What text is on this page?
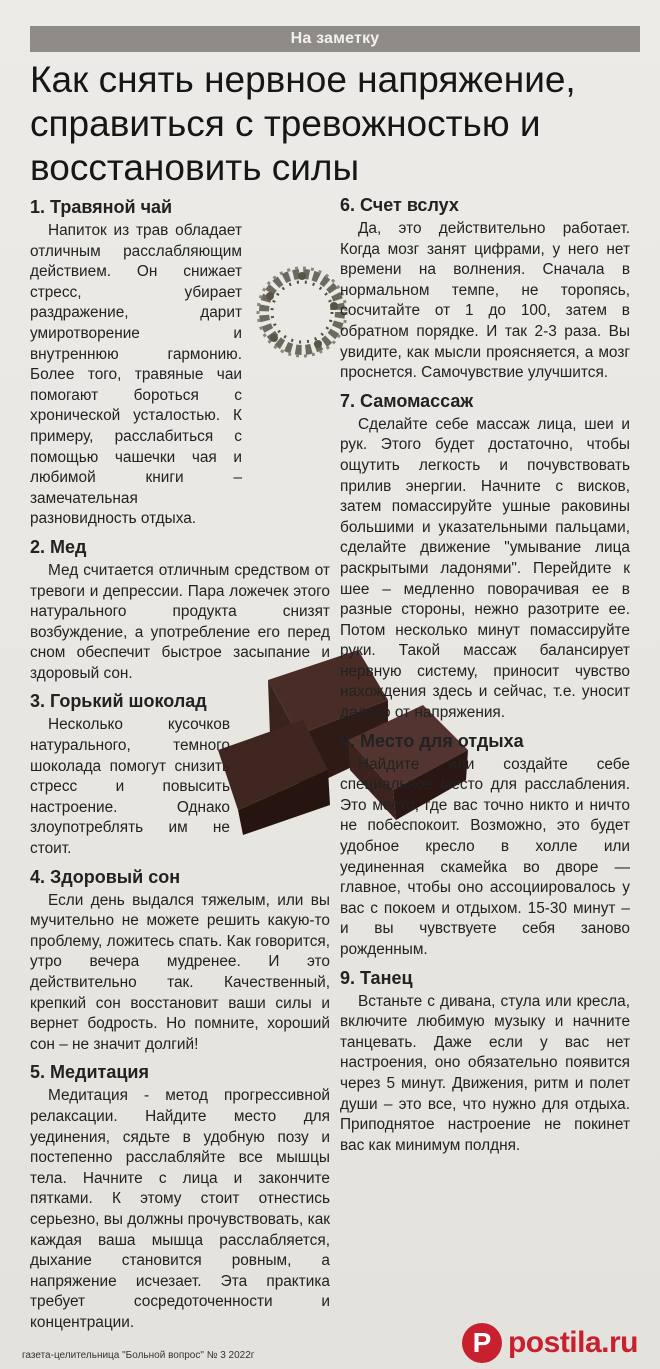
На заметку
Как снять нервное напряжение, справиться с тревожностью и восстановить силы
1. Травяной чай

Напиток из трав обладает отличным расслабляющим действием. Он снижает стресс, убирает раздражение, дарит умиротворение и внутреннюю гармонию. Более того, травяные чаи помогают бороться с хронической усталостью. К примеру, расслабиться с помощью чашечки чая и любимой книги – замечательная разновидность отдыха.

2. Мед

Мед считается отличным средством от тревоги и депрессии. Пара ложечек этого натурального продукта снизят возбуждение, а употребление его перед сном обеспечит быстрое засыпание и здоровый сон.

3. Горький шоколад

Несколько кусочков натурального, темного шоколада помогут снизить стресс и повысить настроение. Однако злоупотреблять им не стоит.

4. Здоровый сон

Если день выдался тяжелым, или вы мучительно не можете решить какую-то проблему, ложитесь спать. Как говорится, утро вечера мудренее. И это действительно так. Качественный, крепкий сон восстановит ваши силы и вернет бодрость. Но помните, хороший сон – не значит долгий!

5. Медитация

Медитация - метод прогрессивной релаксации. Найдите место для уединения, сядьте в удобную позу и постепенно расслабляйте все мышцы тела. Начните с лица и закончите пятками. К этому стоит отнестись серьезно, вы должны прочувствовать, как каждая ваша мышца расслабляется, дыхание становится ровным, а напряжение исчезает. Эта практика требует сосредоточенности и концентрации.

6. Счет вслух

Да, это действительно работает. Когда мозг занят цифрами, у него нет времени на волнения. Сначала в нормальном темпе, не торопясь, сосчитайте от 1 до 100, затем в обратном порядке. И так 2-3 раза. Вы увидите, как мысли проясняется, а мозг проснется. Самочувствие улучшится.

7. Самомассаж

Сделайте себе массаж лица, шеи и рук. Этого будет достаточно, чтобы ощутить легкость и почувствовать прилив энергии. Начните с висков, затем помассируйте ушные раковины большими и указательными пальцами, сделайте движение "умывание лица раскрытыми ладонями". Перейдите к шее – медленно поворачивая ее в разные стороны, нежно разотрите ее. Потом несколько минут помассируйте руки. Такой массаж балансирует нервную систему, приносит чувство нахождения здесь и сейчас, т.е. уносит далеко от напряжения.

8. Место для отдыха

Найдите или создайте себе специальное место для расслабления. Это место, где вас точно никто и ничто не побеспокоит. Возможно, это будет удобное кресло в холле или уединенная скамейка во дворе — главное, чтобы оно ассоциировалось у вас с покоем и отдыхом. 15-30 минут – и вы чувствуете себя заново рожденным.

9. Танец

Встаньте с дивана, стула или кресла, включите любимую музыку и начните танцевать. Даже если у вас нет настроения, оно обязательно появится через 5 минут. Движения, ритм и полет души – это все, что нужно для отдыха. Приподнятое настроение не покинет вас как минимум полдня.

газета-целительница "Больной вопрос" № 3 2022г	P postila.ru
